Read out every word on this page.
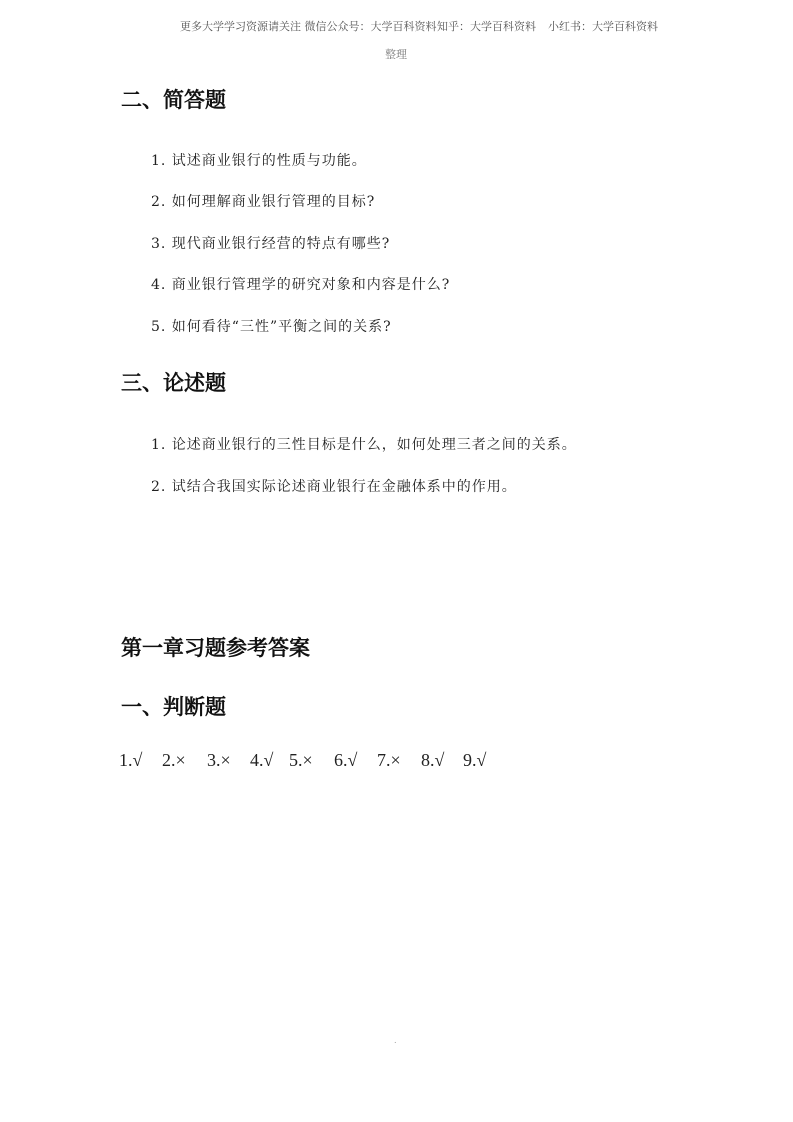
更多大学学习资源请关注 微信公众号：大学百科资料 知乎：大学百科资料 小红书：大学百科资料
整理
二、简答题
1. 试述商业银行的性质与功能。
2. 如何理解商业银行管理的目标?
3. 现代商业银行经营的特点有哪些?
4. 商业银行管理学的研究对象和内容是什么?
5. 如何看待“三性”平衡之间的关系?
三、论述题
1. 论述商业银行的三性目标是什么，如何处理三者之间的关系。
2. 试结合我国实际论述商业银行在金融体系中的作用。
第一章习题参考答案
一、判断题
1.√ 2.× 3.× 4.√ 5.× 6.√ 7.× 8.√ 9.√
.
